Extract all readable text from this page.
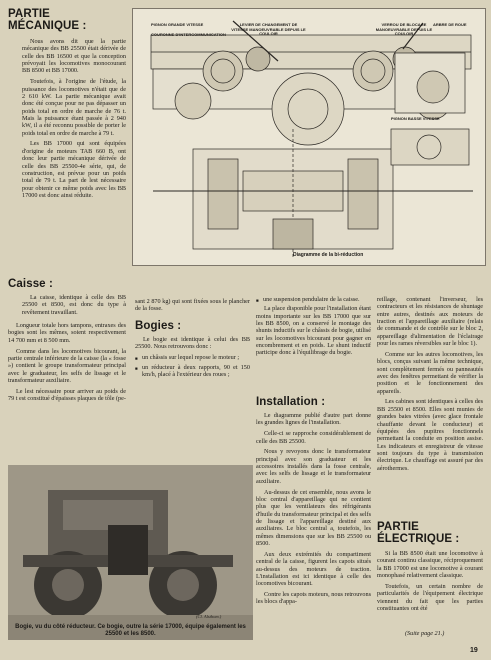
PARTIE
MÉCANIQUE :

Nous avons dit que la partie mécanique des BB 25500 était dérivée de celle des BB 16500 et que la conception prévoyait les locomotives monocourant BB 8500 et BB 17000.

Toutefois, à l'origine de l'étude, la puissance des locomotives n'était que de 2 610 kW. La partie mécanique avait donc été conçue pour ne pas dépasser un poids total en ordre de marche de 76 t. Mais la puissance étant passée à 2 940 kW, il a été reconnu possible de porter le poids total en ordre de marche à 79 t.

Les BB 17000 qui sont équipées d'origine de moteurs TAB 660 B, ont donc leur partie mécanique dérivée de celle des BB 25500-4e série, qui, de construction, est prévue pour un poids total de 79 t. La part de lest nécessaire pour obtenir ce même poids avec les BB 17000 est donc ainsi réduite.

Caisse :

La caisse, identique à celle des BB 25500 et 8500, est donc du type à revêtement travaillant.

Longueur totale hors tampons, entraxes des bogies sont les mêmes, soient respectivement 14 700 mm et 8 500 mm.

Comme dans les locomotives bicourant, la partie centrale inférieure de la caisse (la « fosse ») contient le groupe transformateur principal avec le graduateur, les selfs de lissage et le transformateur auxiliaire.

Le lest nécessaire pour arriver au poids de 79 t est constitué d'épaisses plaques de tôle (pe-

sant 2 870 kg) qui sont fixées sous le plancher de la fosse.

Bogies :

Le bogie est identique à celui des BB 25500. Nous retrouvons donc :

■ un châssis sur lequel repose le moteur ;
■ un réducteur à deux rapports, 90 et 150 km/h, placé à l'extérieur des roues ;
■ une suspension pendulaire de la caisse.

La place disponible pour l'installation étant moins importante sur les BB 17000 que sur les BB 8500, on a conservé le montage des shunts inductifs sur le châssis de bogie, utilisé sur les locomotives bicourant pour gagner en encombrement et en poids. Le shunt inductif participe donc à l'équilibrage du bogie.

Installation :

Le diagramme publié d'autre part donne les grandes lignes de l'installation.

Celle-ci se rapproche considérablement de celle des BB 25500.

Nous y revoyons donc le transformateur principal avec son graduateur et les accessoires installés dans la fosse centrale, avec les selfs de lissage et le transformateur auxiliaire.

Au-dessus de cet ensemble, nous avons le bloc central d'appareillage qui ne contient plus que les ventilateurs des réfrigérants d'huile du transformateur principal et des selfs de lissage et l'appareillage destiné aux auxiliaires. Le bloc central a, toutefois, les mêmes dimensions que sur les BB 25500 ou 8500.

Aux deux extrémités du compartiment central de la caisse, figurent les capots situés au-dessus des moteurs de traction. L'installation est ici identique à celle des locomotives bicourant.

Contre les capots moteurs, nous retrouvons les blocs d'appa-

reillage, contenant l'inverseur, les contracteurs et les résistances de shuntage entre autres, destinés aux moteurs de traction et l'appareillage auxiliaire (relais de commande et de contrôle sur le bloc 2, appareillage d'alimentation de l'éclairage pour les rames réversibles sur le bloc 1).

Comme sur les autres locomotives, les blocs, conçus suivant la même technique, sont complètement fermés ou panneautés avec des fenêtres permettant de vérifier la position et le fonctionnement des appareils.

Les cabines sont identiques à celles des BB 25500 et 8500. Elles sont munies de grandes baies vitrées (avec glace frontale chauffante devant le conducteur) et équipées des pupitres fonctionnels permettant la conduite en position assise. Les indicateurs et enregistreur de vitesse sont toujours du type à transmission électrique. Le chauffage est assuré par des aérothermes.

PARTIE
ÉLECTRIQUE :

Si la BB 8500 était une locomotive à courant continu classique, réciproquement la BB 17000 est une locomotive à courant monophasé relativement classique.

Toutefois, un certain nombre de particularités de l'équipement électrique viennent du fait que les parties constituantes ont été

(Suite page 21.)
19
PIGNON GRANDE VITESSE
COURONNE D'INTERCOMMUNICATION
LEVIER DE CHANGEMENT DE VITESSE MANOEUVRABLE DEPUIS LE COULOIR
VERROU DE BLOCAGE MANOEUVRABLE DEPUIS LE COULOIR
ARBRE DE ROUE
PIGNON BASSE VITESSE
Diagramme de la bi-réduction
(Cl. Alsthom.)
Bogie, vu du côté réducteur. Ce bogie, outre la série 17000, équipe également les 25500 et les 8500.
